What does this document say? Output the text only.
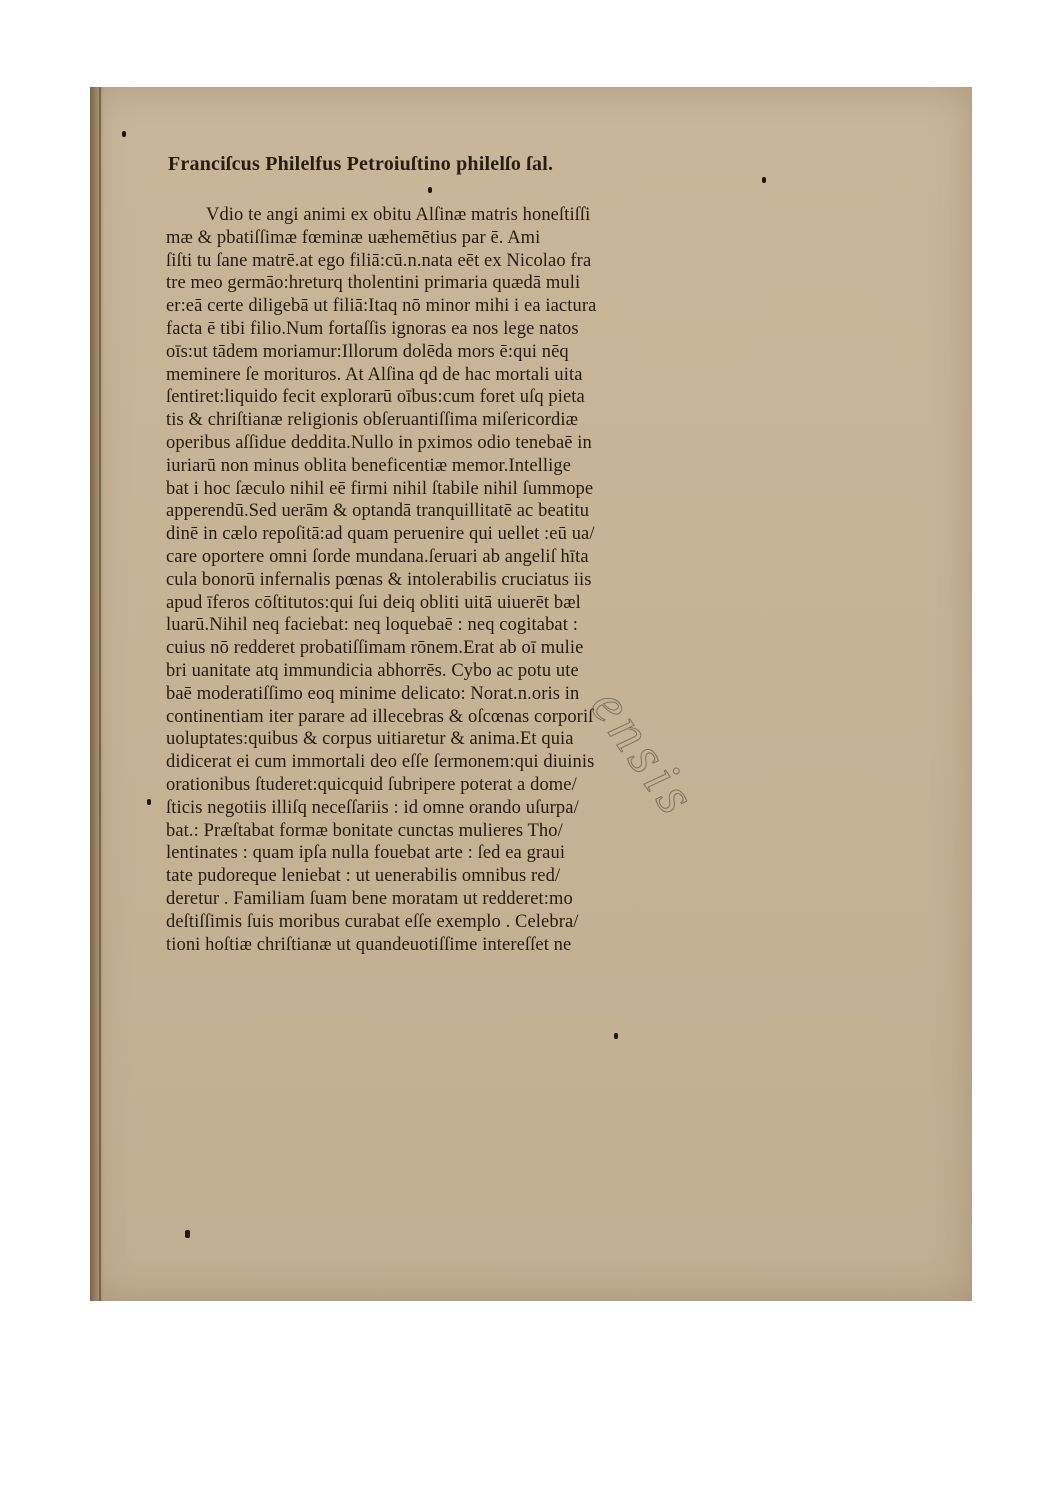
Franciſcus Philelfus Petroiuſtino philelſo ſal.
Vdio te angi animi ex obitu Alſinæ matris honeſtiſſi
mæ & pbatiſſimæ fœminæ uæhemētius par ē. Ami
ſiſti tu ſane matrē.at ego filiā:cū.n.nata eēt ex Nicolao fra
tre meo germāo:hreturq tholentini primaria quædā muli
er:eā certe diligebā ut filiā:Itaq nō minor mihi i ea iactura
facta ē tibi filio.Num fortaſſis ignoras ea nos lege natos
oīs:ut tādem moriamur:Illorum dolēda mors ē:qui nēq
meminere ſe morituros. At Alſina qd de hac mortali uita
ſentiret:liquido fecit explorarū oībus:cum foret uſq pieta
tis & chriſtianæ religionis obſeruantiſſima miſericordiæ
operibus aſſidue deddita.Nullo in pximos odio tenebaē in
iuriarū non minus oblita beneficentiæ memor.Intellige
bat i hoc ſæculo nihil eē firmi nihil ſtabile nihil ſummope
apperendū.Sed uerām & optandā tranquillitatē ac beatitu
dinē in cælo repoſitā:ad quam peruenire qui uellet :eū ua/
care oportere omni ſorde mundana.ſeruari ab angeliſ hīta
cula bonorū infernalis pœnas & intolerabilis cruciatus iis
apud īferos cōſtitutos:qui ſui deiq obliti uitā uiuerēt bæl
luarū.Nihil neq faciebat: neq loquebaē : neq cogitabat :
cuius nō redderet probatiſſimam rōnem.Erat ab oī mulie
bri uanitate atq immundicia abhorrēs. Cybo ac potu ute
baē moderatiſſimo eoq minime delicato: Norat.n.oris in
continentiam iter parare ad illecebras & oſcœnas corporiſ
uoluptates:quibus & corpus uitiaretur & anima.Et quia
didicerat ei cum immortali deo eſſe ſermonem:qui diuinis
orationibus ſtuderet:quicquid ſubripere poterat a dome/
ſticis negotiis illiſq neceſſariis : id omne orando uſurpa/
bat.: Præſtabat formæ bonitate cunctas mulieres Tho/
lentinates : quam ipſa nulla fouebat arte : ſed ea graui
tate pudoreque leniebat : ut uenerabilis omnibus red/
deretur . Familiam ſuam bene moratam ut redderet:mo
deſtiſſimis ſuis moribus curabat eſſe exemplo . Celebra/
tioni hoſtiæ chriſtianæ ut quandeuotiſſime intereſſet ne
ensis
